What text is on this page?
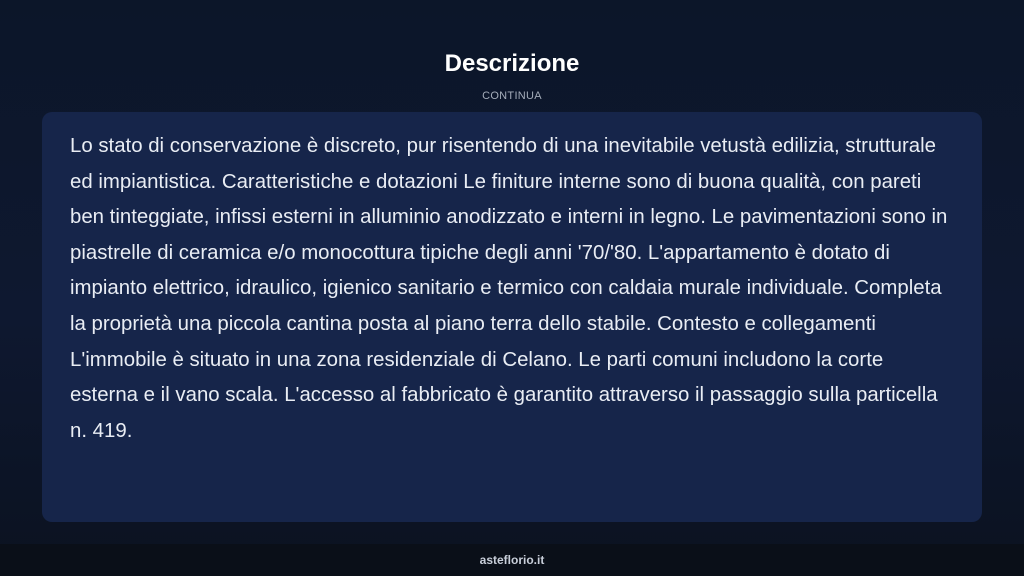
Descrizione
CONTINUA

Lo stato di conservazione è discreto, pur risentendo di una inevitabile vetustà edilizia, strutturale ed impiantistica. Caratteristiche e dotazioni Le finiture interne sono di buona qualità, con pareti ben tinteggiate, infissi esterni in alluminio anodizzato e interni in legno. Le pavimentazioni sono in piastrelle di ceramica e/o monocottura tipiche degli anni '70/'80. L'appartamento è dotato di impianto elettrico, idraulico, igienico sanitario e termico con caldaia murale individuale. Completa la proprietà una piccola cantina posta al piano terra dello stabile. Contesto e collegamenti L'immobile è situato in una zona residenziale di Celano. Le parti comuni includono la corte esterna e il vano scala. L'accesso al fabbricato è garantito attraverso il passaggio sulla particella n. 419.

asteflorio.it
